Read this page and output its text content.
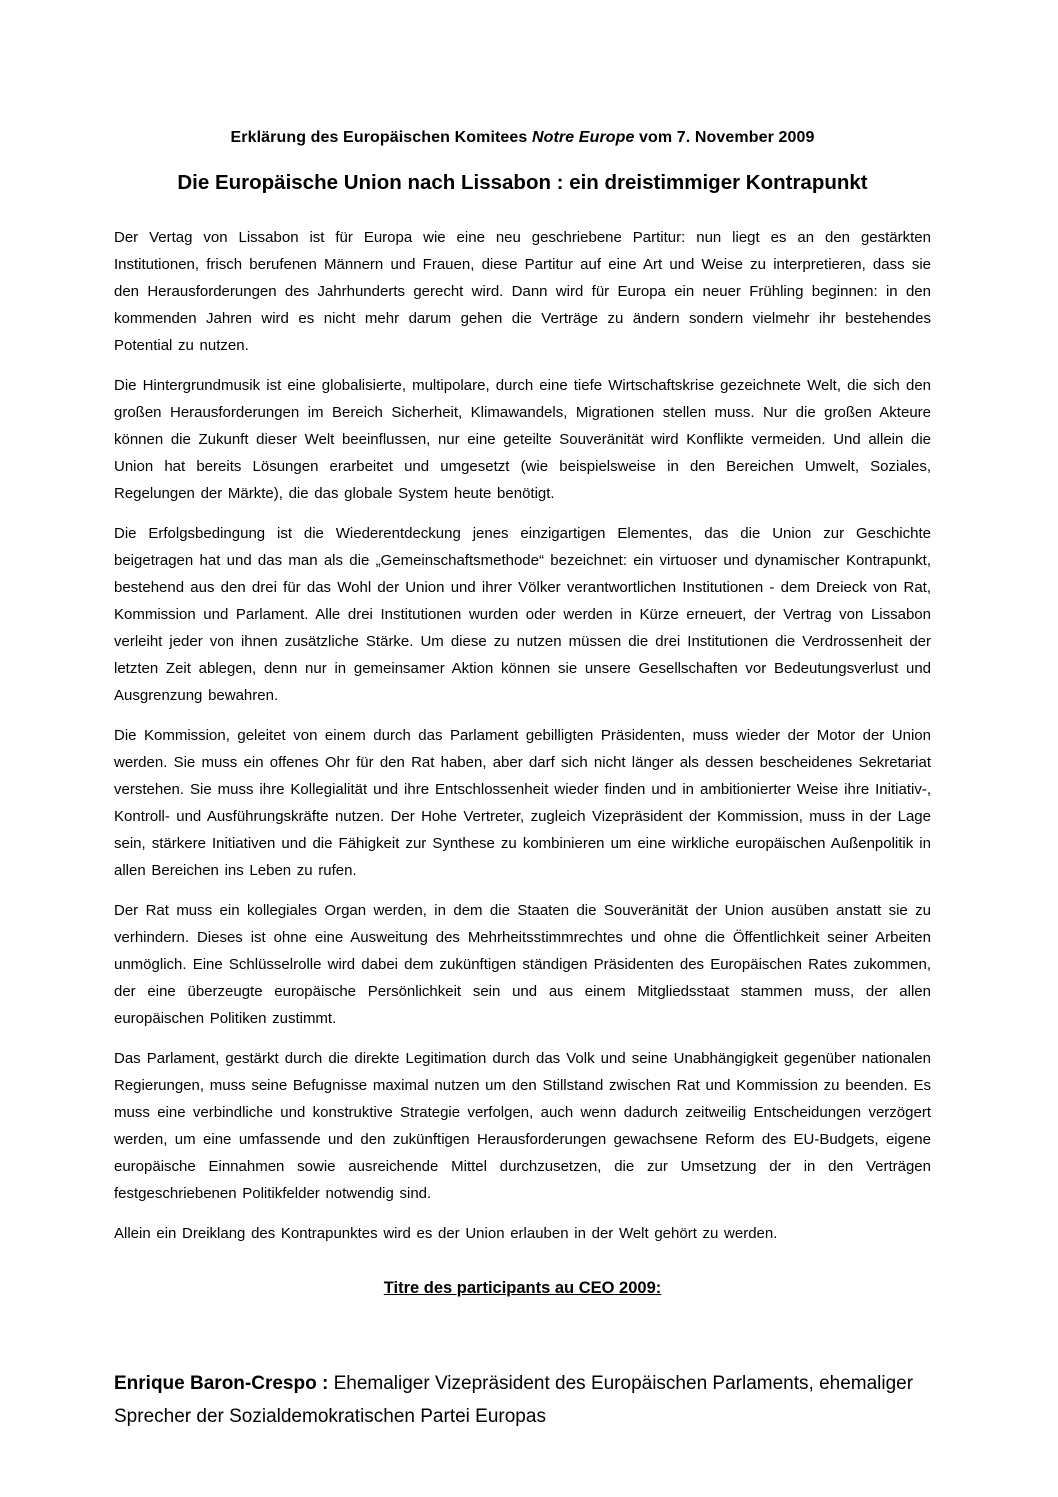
Erklärung des Europäischen Komitees Notre Europe vom 7. November 2009
Die Europäische Union nach Lissabon : ein dreistimmiger Kontrapunkt

Der Vertag von Lissabon ist für Europa wie eine neu geschriebene Partitur: nun liegt es an den gestärkten Institutionen, frisch berufenen Männern und Frauen, diese Partitur auf eine Art und Weise zu interpretieren, dass sie den Herausforderungen des Jahrhunderts gerecht wird. Dann wird für Europa ein neuer Frühling beginnen: in den kommenden Jahren wird es nicht mehr darum gehen die Verträge zu ändern sondern vielmehr ihr bestehendes Potential zu nutzen.

Die Hintergrundmusik ist eine globalisierte, multipolare, durch eine tiefe Wirtschaftskrise gezeichnete Welt, die sich den großen Herausforderungen im Bereich Sicherheit, Klimawandels, Migrationen stellen muss. Nur die großen Akteure können die Zukunft dieser Welt beeinflussen, nur eine geteilte Souveränität wird Konflikte vermeiden. Und allein die Union hat bereits Lösungen erarbeitet und umgesetzt (wie beispielsweise in den Bereichen Umwelt, Soziales, Regelungen der Märkte), die das globale System heute benötigt.

Die Erfolgsbedingung ist die Wiederentdeckung jenes einzigartigen Elementes, das die Union zur Geschichte beigetragen hat und das man als die „Gemeinschaftsmethode“ bezeichnet: ein virtuoser und dynamischer Kontrapunkt, bestehend aus den drei für das Wohl der Union und ihrer Völker verantwortlichen Institutionen - dem Dreieck von Rat, Kommission und Parlament. Alle drei Institutionen wurden oder werden in Kürze erneuert, der Vertrag von Lissabon verleiht jeder von ihnen zusätzliche Stärke. Um diese zu nutzen müssen die drei Institutionen die Verdrossenheit der letzten Zeit ablegen, denn nur in gemeinsamer Aktion können sie unsere Gesellschaften vor Bedeutungsverlust und Ausgrenzung bewahren.

Die Kommission, geleitet von einem durch das Parlament gebilligten Präsidenten, muss wieder der Motor der Union werden. Sie muss ein offenes Ohr für den Rat haben, aber darf sich nicht länger als dessen bescheidenes Sekretariat verstehen. Sie muss ihre Kollegialität und ihre Entschlossenheit wieder finden und in ambitionierter Weise ihre Initiativ-, Kontroll- und Ausführungskräfte nutzen. Der Hohe Vertreter, zugleich Vizepräsident der Kommission, muss in der Lage sein, stärkere Initiativen und die Fähigkeit zur Synthese zu kombinieren um eine wirkliche europäischen Außenpolitik in allen Bereichen ins Leben zu rufen.

Der Rat muss ein kollegiales Organ werden, in dem die Staaten die Souveränität der Union ausüben anstatt sie zu verhindern. Dieses ist ohne eine Ausweitung des Mehrheitsstimmrechtes und ohne die Öffentlichkeit seiner Arbeiten unmöglich. Eine Schlüsselrolle wird dabei dem zukünftigen ständigen Präsidenten des Europäischen Rates zukommen, der eine überzeugte europäische Persönlichkeit sein und aus einem Mitgliedsstaat stammen muss, der allen europäischen Politiken zustimmt.

Das Parlament, gestärkt durch die direkte Legitimation durch das Volk und seine Unabhängigkeit gegenüber nationalen Regierungen, muss seine Befugnisse maximal nutzen um den Stillstand zwischen Rat und Kommission zu beenden. Es muss eine verbindliche und konstruktive Strategie verfolgen, auch wenn dadurch zeitweilig Entscheidungen verzögert werden, um eine umfassende und den zukünftigen Herausforderungen gewachsene Reform des EU-Budgets, eigene europäische Einnahmen sowie ausreichende Mittel durchzusetzen, die zur Umsetzung der in den Verträgen festgeschriebenen Politikfelder notwendig sind.

Allein ein Dreiklang des Kontrapunktes wird es der Union erlauben in der Welt gehört zu werden.

Titre des participants au CEO 2009:

Enrique Baron-Crespo : Ehemaliger Vizepräsident des Europäischen Parlaments, ehemaliger Sprecher der Sozialdemokratischen Partei Europas
